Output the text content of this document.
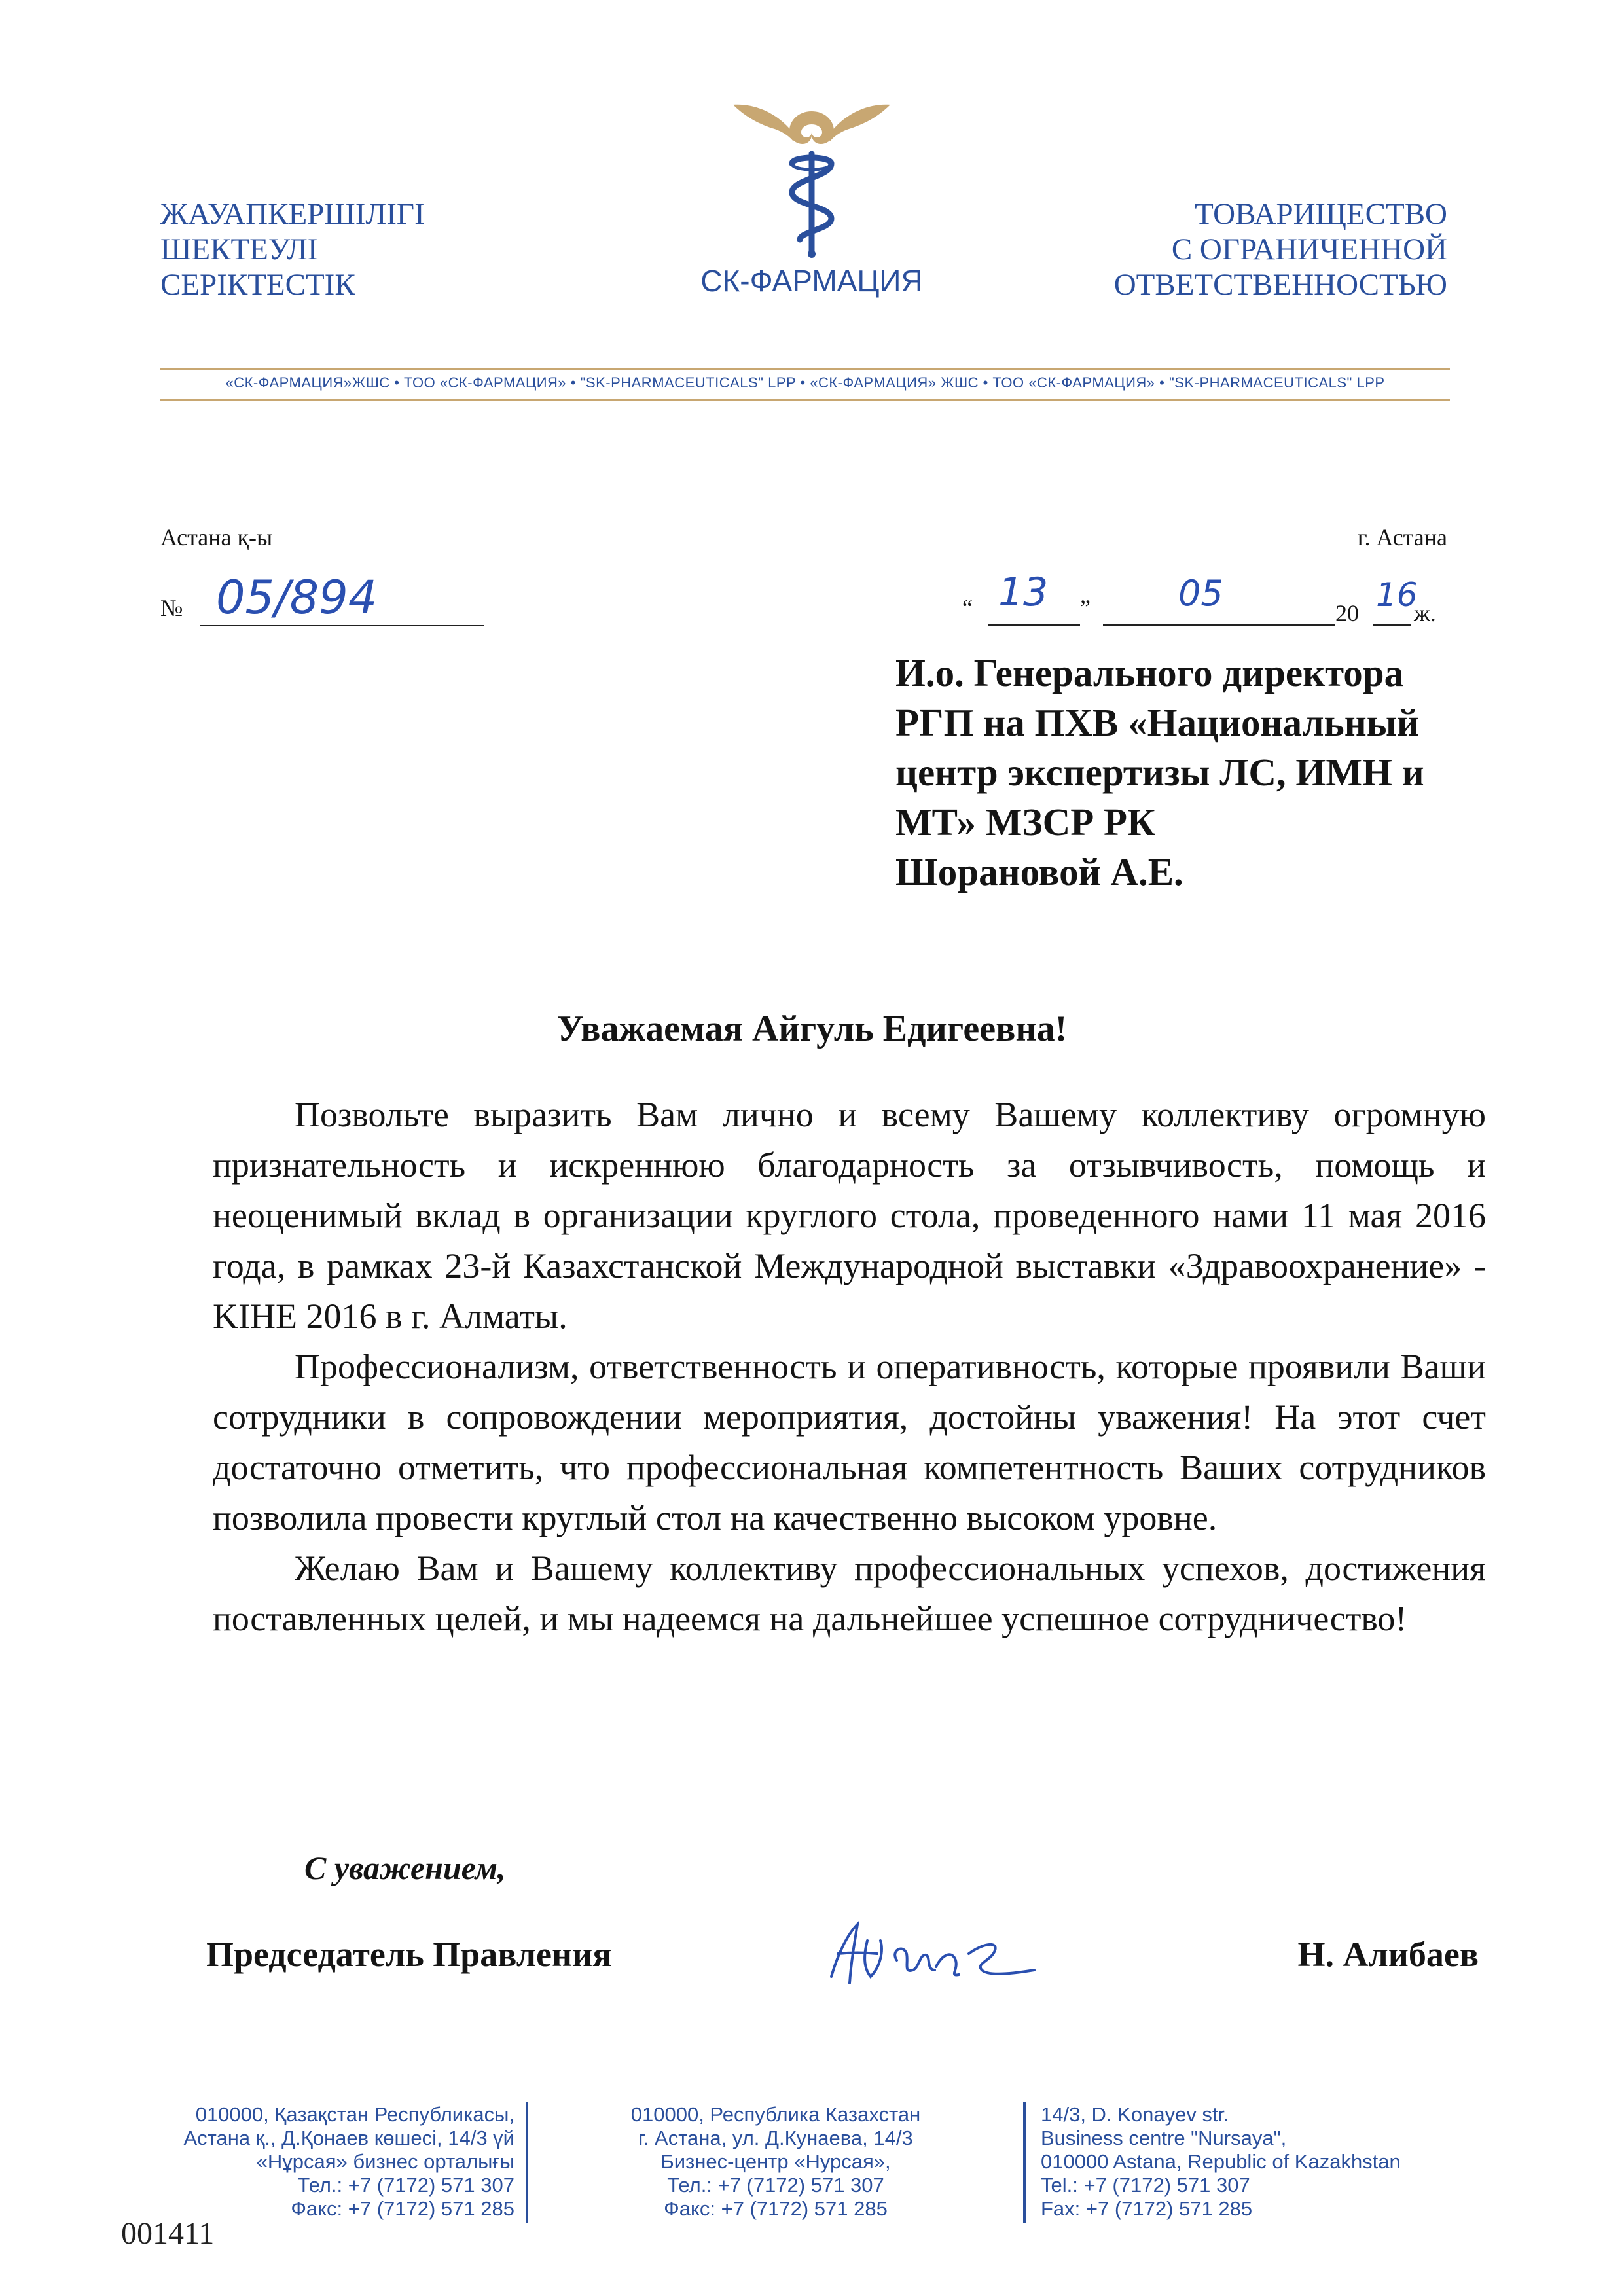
ЖАУАПКЕРШІЛІГІ
ШЕКТЕУЛІ
СЕРІКТЕСТІК	СК-ФАРМАЦИЯ
ТОВАРИЩЕСТВО
С ОГРАНИЧЕННОЙ
ОТВЕТСТВЕННОСТЬЮ
«СК-ФАРМАЦИЯ»ЖШС • ТОО «СК-ФАРМАЦИЯ» • "SK-PHARMACEUTICALS" LPP • «СК-ФАРМАЦИЯ» ЖШС • ТОО «СК-ФАРМАЦИЯ» • "SK-PHARMACEUTICALS" LPP
Астана қ-ы	г. Астана
№ 05/894	“ 13 ” 05	20 16
ж.
И.о. Генерального директора
РГП на ПХВ «Национальный
центр экспертизы ЛС, ИМН и
МТ» МЗСР РК
Шорановой А.Е.
Уважаемая Айгуль Едигеевна!

Позвольте выразить Вам лично и всему Вашему коллективу огромную признательность и искреннюю благодарность за отзывчивость, помощь и неоценимый вклад в организации круглого стола, проведенного нами 11 мая 2016 года, в рамках 23-й Казахстанской Международной выставки «Здравоохранение» - KIHE 2016 в г. Алматы.

Профессионализм, ответственность и оперативность, которые проявили Ваши сотрудники в сопровождении мероприятия, достойны уважения! На этот счет достаточно отметить, что профессиональная компетентность Ваших сотрудников позволила провести круглый стол на качественно высоком уровне.

Желаю Вам и Вашему коллективу профессиональных успехов, достижения поставленных целей, и мы надеемся на дальнейшее успешное сотрудничество!

С уважением,
Председатель Правления	Н. Алибаев
010000, Қазақстан Республикасы,
Астана қ., Д.Қонаев көшесі, 14/3 үй
«Нұрсая» бизнес орталығы
Тел.: +7 (7172) 571 307
Факс: +7 (7172) 571 285
010000, Республика Казахстан
г. Астана, ул. Д.Кунаева, 14/3
Бизнес-центр «Нурсая»,
Тел.: +7 (7172) 571 307
Факс: +7 (7172) 571 285
14/3, D. Konayev str.
Business centre "Nursaya",
010000 Astana, Republic of Kazakhstan
Tel.: +7 (7172) 571 307
Fax: +7 (7172) 571 285
001411
